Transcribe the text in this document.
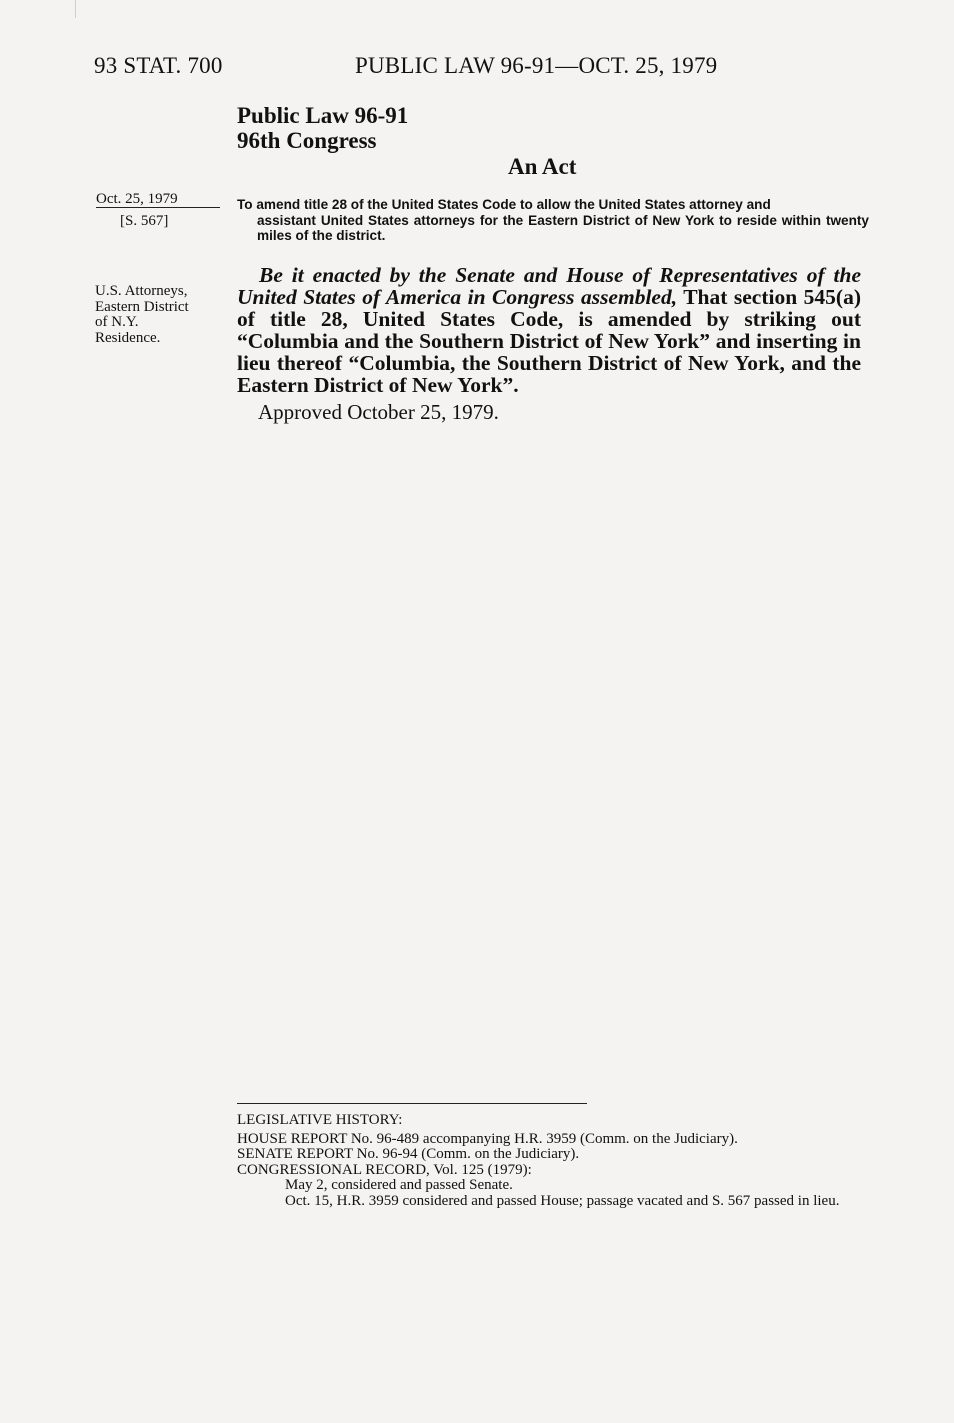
93 STAT. 700	PUBLIC LAW 96-91—OCT. 25, 1979
Public Law 96-91
96th Congress
An Act
Oct. 25, 1979
[S. 567]
To amend title 28 of the United States Code to allow the United States attorney and
assistant United States attorneys for the Eastern District of New York to reside within twenty miles of the district.
U.S. Attorneys,
Eastern District
of N.Y.
Residence.
Be it enacted by the Senate and House of Representatives of the United States of America in Congress assembled, That section 545(a) of title 28, United States Code, is amended by striking out “Columbia and the Southern District of New York” and inserting in lieu thereof “Columbia, the Southern District of New York, and the Eastern District of New York”.
Approved October 25, 1979.
LEGISLATIVE HISTORY:
HOUSE REPORT No. 96-489 accompanying H.R. 3959 (Comm. on the Judiciary).
SENATE REPORT No. 96-94 (Comm. on the Judiciary).
CONGRESSIONAL RECORD, Vol. 125 (1979):
May 2, considered and passed Senate.
Oct. 15, H.R. 3959 considered and passed House; passage vacated and S. 567 passed in lieu.
